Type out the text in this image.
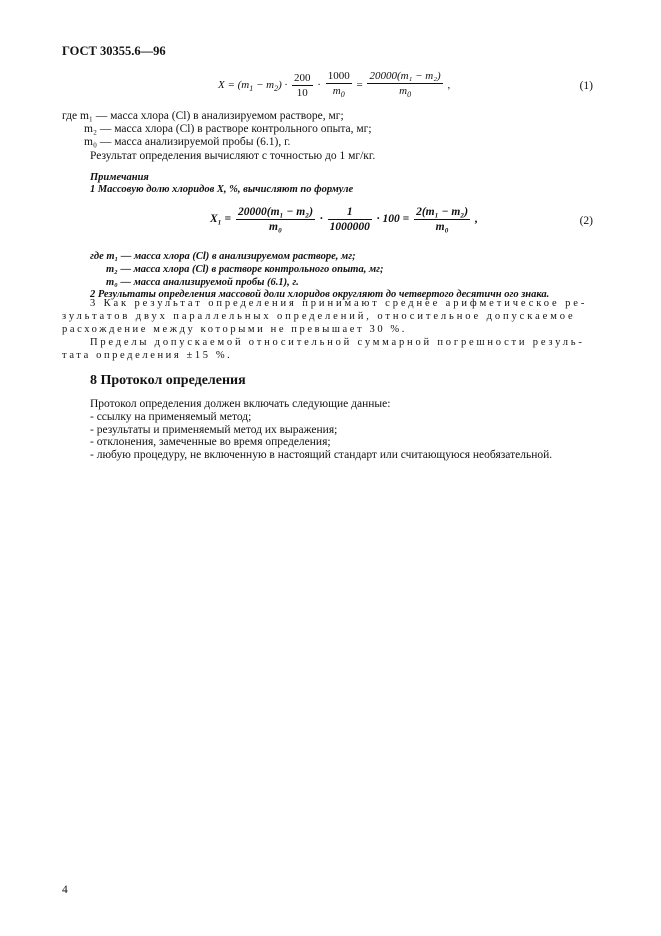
ГОСТ 30355.6—96
$X = (m_1 - m_2) \cdot \frac{200}{10} \cdot \frac{1000}{m_0} = \frac{\text{20000(m₁ − m₂)}}{m_0}$ ,	(1)
где m₁ — масса хлора (Cl) в анализируемом растворе, мг;
m₂ — масса хлора (Cl) в растворе контрольного опыта, мг;
m₀ — масса анализируемой пробы (6.1), г.
Результат определения вычисляют с точностью до 1 мг/кг.
Примечания
1 Массовую долю хлоридов X, %, вычисляют по формуле
$X_1 = \frac{\text{20000(m₁ − m₂)}}{\text{m₀}} \cdot \frac{1}{1000000} \cdot 100 = \frac{\text{2(m₁ − m₂)}}{\text{m₀}}$ ,	(2)
где m₁ — масса хлора (Cl) в анализируемом растворе, мг;
m₂ — масса хлора (Cl) в растворе контрольного опыта, мг;
m₀ — масса анализируемой пробы (6.1), г.
2 Результаты определения массовой доли хлоридов округляют до четвертого десятичн ого знака.
3 Как результат определения принимают среднее арифметическое ре-
зультатов двух параллельных определений, относительное допускаемое
расхождение между которыми не превышает 30 %.
Пределы допускаемой относительной суммарной погрешности резуль-
тата определения ±15 %.
8 Протокол определения
Протокол определения должен включать следующие данные:
- ссылку на применяемый метод;
- результаты и применяемый метод их выражения;
- отклонения, замеченные во время определения;
- любую процедуру, не включенную в настоящий стандарт или считающуюся необязательной.
4
